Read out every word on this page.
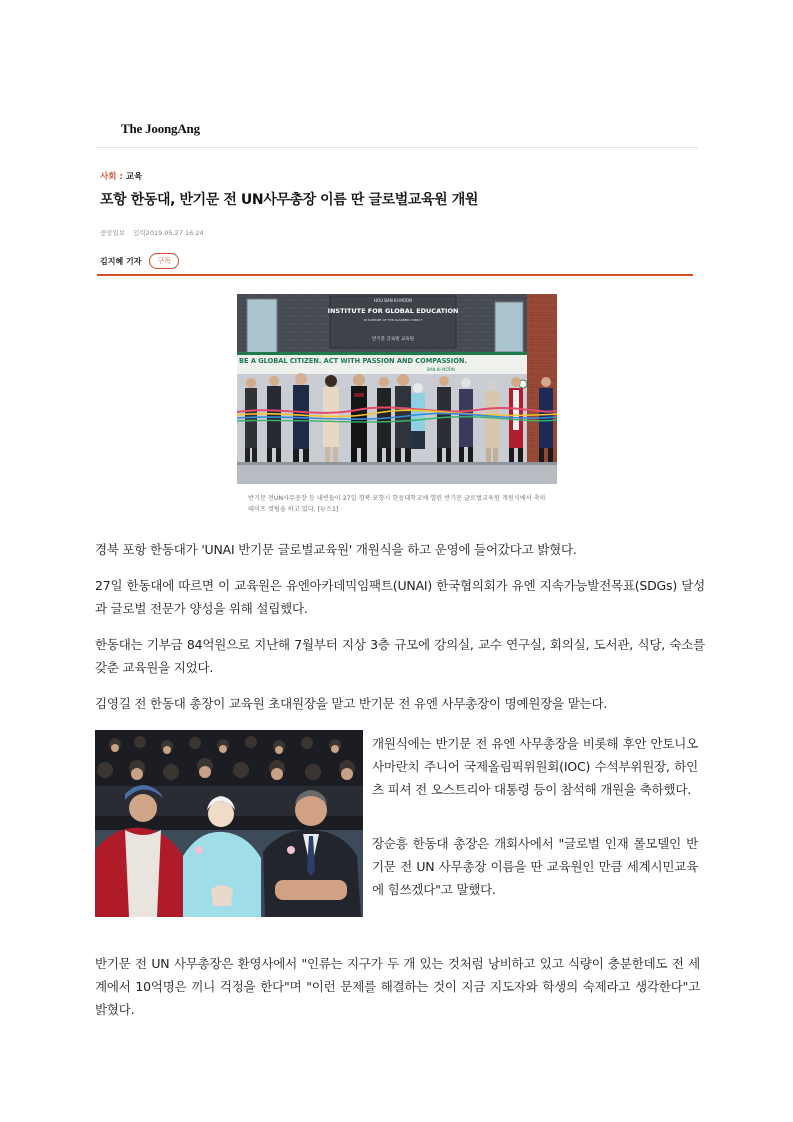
The JoongAng
사회 : 교육
포항 한동대, 반기문 전 UN사무총장 이름 딴 글로벌교육원 개원
중앙일보 입력2019.05.27 16:24
김지혜 기자	구독
HOU BAN KI-MOON
INSTITUTE FOR GLOBAL EDUCATION
IN SUPPORT OF THE ACADEMIC IMPACT
반기문 글로벌 교육원
BE A GLOBAL CITIZEN. ACT WITH PASSION AND COMPASSION.
BAN KI-MOON
반기문 전UN사무총장 등 내빈들이 27일 경북 포항시 한동대학교에 열린 반기문 글로벌교육원 개원식에서 축하 테이프 컷팅을 하고 있다. [뉴스1]

경북 포항 한동대가 'UNAI 반기문 글로벌교육원' 개원식을 하고 운영에 들어갔다고 밝혔다.

27일 한동대에 따르면 이 교육원은 유엔아카데믹임팩트(UNAI) 한국협의회가 유엔 지속가능발전목표(SDGs) 달성과 글로벌 전문가 양성을 위해 설립했다.

한동대는 기부금 84억원으로 지난해 7월부터 지상 3층 규모에 강의실, 교수 연구실, 회의실, 도서관, 식당, 숙소를 갖춘 교육원을 지었다.

김영길 전 한동대 총장이 교육원 초대원장을 맡고 반기문 전 유엔 사무총장이 명예원장을 맡는다.

개원식에는 반기문 전 유엔 사무총장을 비롯해 후안 안토니오 사마란치 주니어 국제올림픽위원회(IOC) 수석부위원장, 하인츠 피셔 전 오스트리아 대통령 등이 참석해 개원을 축하했다.

장순흥 한동대 총장은 개회사에서 "글로벌 인재 롤모델인 반기문 전 UN 사무총장 이름을 딴 교육원인 만큼 세계시민교육에 힘쓰겠다"고 말했다.

반기문 전 UN 사무총장은 환영사에서 "인류는 지구가 두 개 있는 것처럼 낭비하고 있고 식량이 충분한데도 전 세계에서 10억명은 끼니 걱정을 한다"며 "이런 문제를 해결하는 것이 지금 지도자와 학생의 숙제라고 생각한다"고 밝혔다.
